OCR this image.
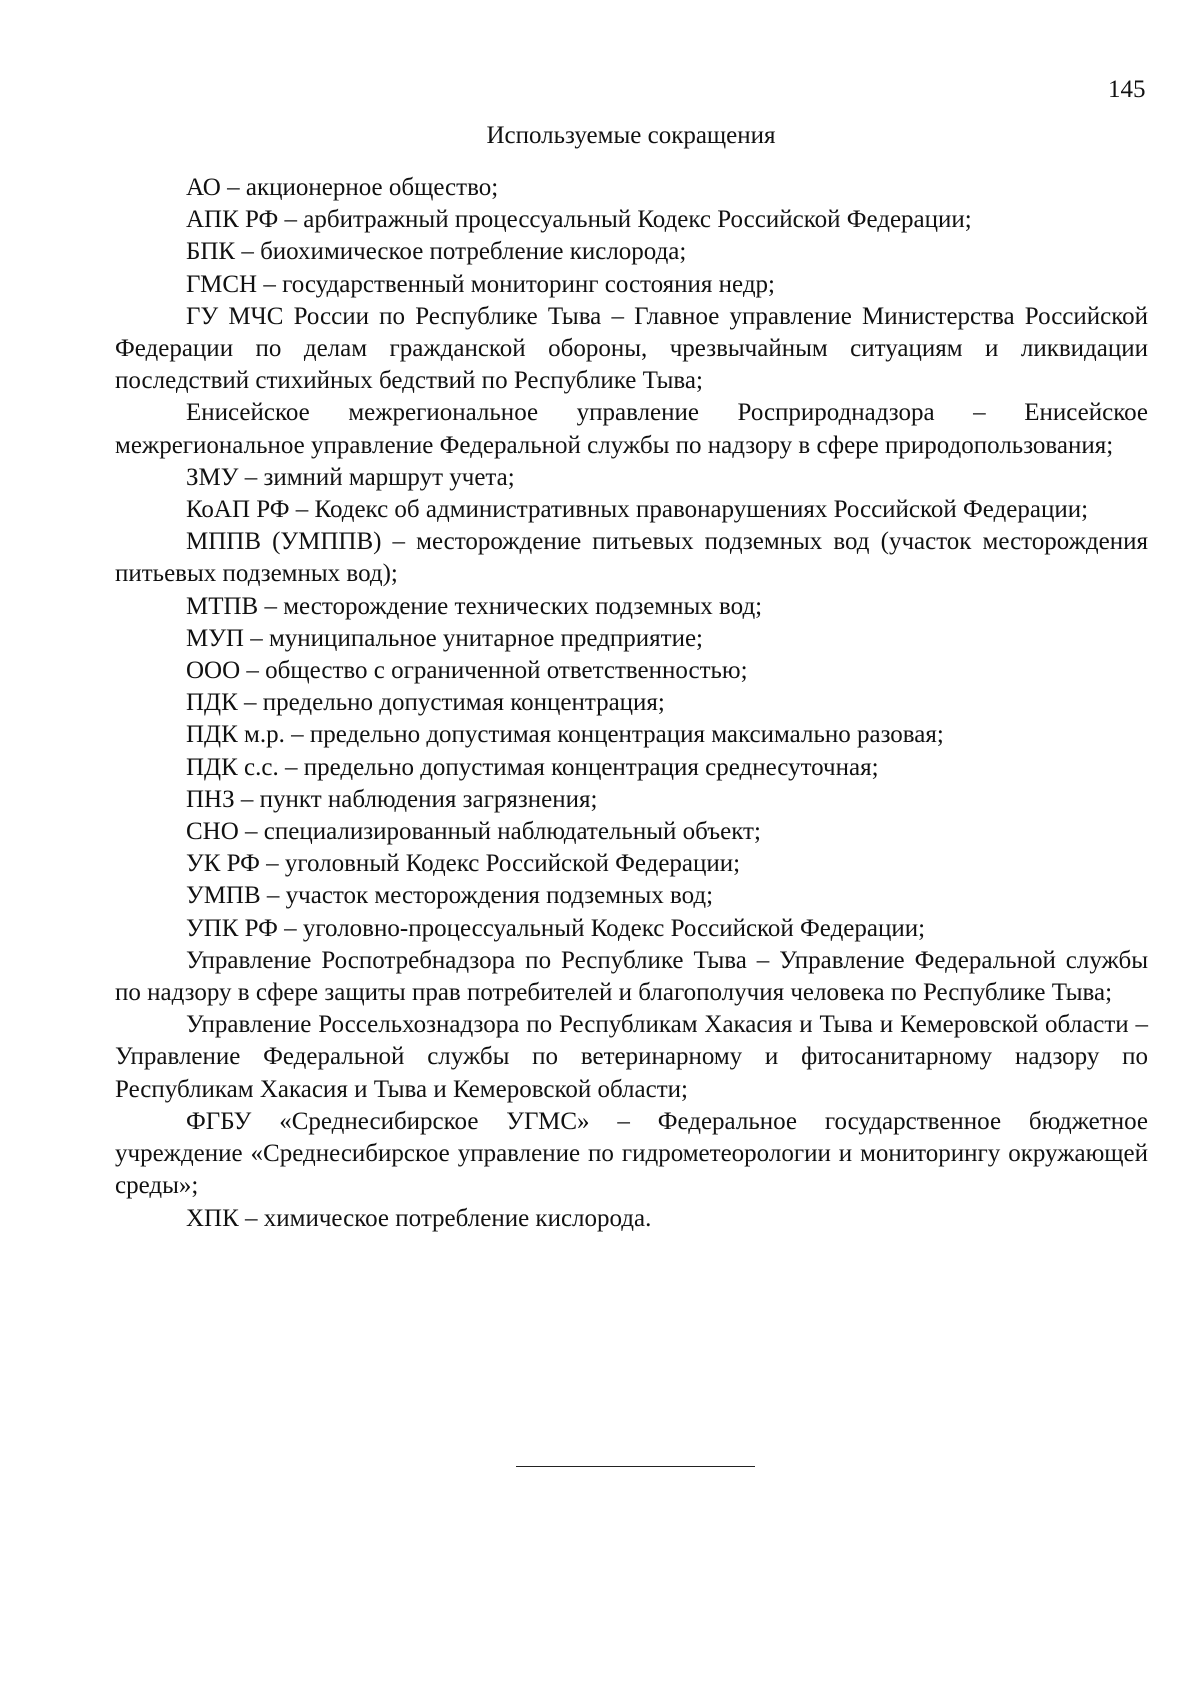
145
Используемые сокращения

АО – акционерное общество;

АПК РФ – арбитражный процессуальный Кодекс Российской Федерации;

БПК – биохимическое потребление кислорода;

ГМСН – государственный мониторинг состояния недр;

ГУ МЧС России по Республике Тыва – Главное управление Министерства Российской Федерации по делам гражданской обороны, чрезвычайным ситуациям и ликвидации последствий стихийных бедствий по Республике Тыва;

Енисейское межрегиональное управление Росприроднадзора – Енисейское межрегиональное управление Федеральной службы по надзору в сфере природопользования;

ЗМУ – зимний маршрут учета;

КоАП РФ – Кодекс об административных правонарушениях Российской Федерации;

МППВ (УМППВ) – месторождение питьевых подземных вод (участок месторождения питьевых подземных вод);

МТПВ – месторождение технических подземных вод;

МУП – муниципальное унитарное предприятие;

ООО – общество с ограниченной ответственностью;

ПДК – предельно допустимая концентрация;

ПДК м.р. – предельно допустимая концентрация максимально разовая;

ПДК с.с. – предельно допустимая концентрация среднесуточная;

ПНЗ – пункт наблюдения загрязнения;

СНО – специализированный наблюдательный объект;

УК РФ – уголовный Кодекс Российской Федерации;

УМПВ – участок месторождения подземных вод;

УПК РФ – уголовно-процессуальный Кодекс Российской Федерации;

Управление Роспотребнадзора по Республике Тыва – Управление Федеральной службы по надзору в сфере защиты прав потребителей и благополучия человека по Республике Тыва;

Управление Россельхознадзора по Республикам Хакасия и Тыва и Кемеровской области – Управление Федеральной службы по ветеринарному и фитосанитарному надзору по Республикам Хакасия и Тыва и Кемеровской области;

ФГБУ «Среднесибирское УГМС» – Федеральное государственное бюджетное учреждение «Среднесибирское управление по гидрометеорологии и мониторингу окружающей среды»;

ХПК – химическое потребление кислорода.
